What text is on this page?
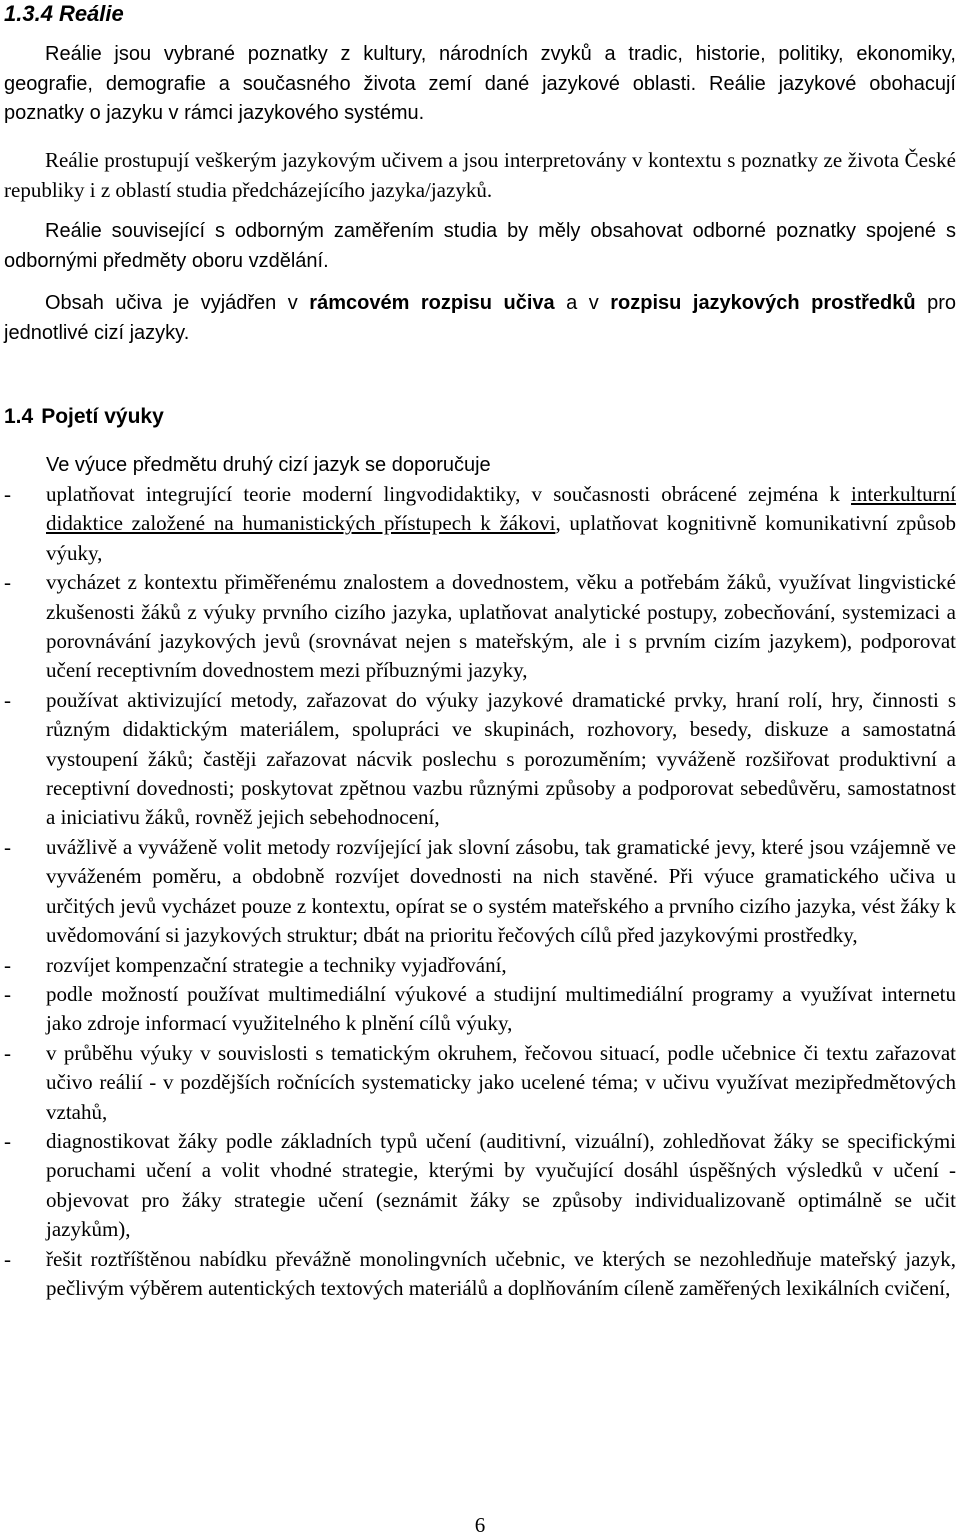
1.3.4 Reálie

Reálie jsou vybrané poznatky z kultury, národních zvyků a tradic, historie, politiky, ekonomiky, geografie, demografie a současného života zemí dané jazykové oblasti. Reálie jazykové obohacují poznatky o jazyku v rámci jazykového systému.

Reálie prostupují veškerým jazykovým učivem a jsou interpretovány v kontextu s poznatky ze života České republiky i z oblastí studia předcházejícího jazyka/jazyků.

Reálie související s odborným zaměřením studia by měly obsahovat odborné poznatky spojené s odbornými předměty oboru vzdělání.

Obsah učiva je vyjádřen v rámcovém rozpisu učiva a v rozpisu jazykových prostředků pro jednotlivé cizí jazyky.

1.4 Pojetí výuky
Ve výuce předmětu druhý cizí jazyk se doporučuje
- uplatňovat integrující teorie moderní lingvodidaktiky, v současnosti obrácené zejména k interkulturní didaktice založené na humanistických přístupech k žákovi, uplatňovat kognitivně komunikativní způsob výuky,
- vycházet z kontextu přiměřenému znalostem a dovednostem, věku a potřebám žáků, využívat lingvistické zkušenosti žáků z výuky prvního cizího jazyka, uplatňovat analytické postupy, zobecňování, systemizaci a porovnávání jazykových jevů (srovnávat nejen s mateřským, ale i s prvním cizím jazykem), podporovat učení receptivním dovednostem mezi příbuznými jazyky,
- používat aktivizující metody, zařazovat do výuky jazykové dramatické prvky, hraní rolí, hry, činnosti s různým didaktickým materiálem, spolupráci ve skupinách, rozhovory, besedy, diskuze a samostatná vystoupení žáků; častěji zařazovat nácvik poslechu s porozuměním; vyváženě rozšiřovat produktivní a receptivní dovednosti; poskytovat zpětnou vazbu různými způsoby a podporovat sebedůvěru, samostatnost a iniciativu žáků, rovněž jejich sebehodnocení,
- uvážlivě a vyváženě volit metody rozvíjející jak slovní zásobu, tak gramatické jevy, které jsou vzájemně ve vyváženém poměru, a obdobně rozvíjet dovednosti na nich stavěné. Při výuce gramatického učiva u určitých jevů vycházet pouze z kontextu, opírat se o systém mateřského a prvního cizího jazyka, vést žáky k uvědomování si jazykových struktur; dbát na prioritu řečových cílů před jazykovými prostředky,
- rozvíjet kompenzační strategie a techniky vyjadřování,
- podle možností používat multimediální výukové a studijní multimediální programy a využívat internetu jako zdroje informací využitelného k plnění cílů výuky,
- v průběhu výuky v souvislosti s tematickým okruhem, řečovou situací, podle učebnice či textu zařazovat učivo reálií - v pozdějších ročnících systematicky jako ucelené téma; v učivu využívat mezipředmětových vztahů,
- diagnostikovat žáky podle základních typů učení (auditivní, vizuální), zohledňovat žáky se specifickými poruchami učení a volit vhodné strategie, kterými by vyučující dosáhl úspěšných výsledků v učení - objevovat pro žáky strategie učení (seznámit žáky se způsoby individualizovaně optimálně se učit jazykům),
- řešit roztříštěnou nabídku převážně monolingvních učebnic, ve kterých se nezohledňuje mateřský jazyk, pečlivým výběrem autentických textových materiálů a doplňováním cíleně zaměřených lexikálních cvičení,
6
